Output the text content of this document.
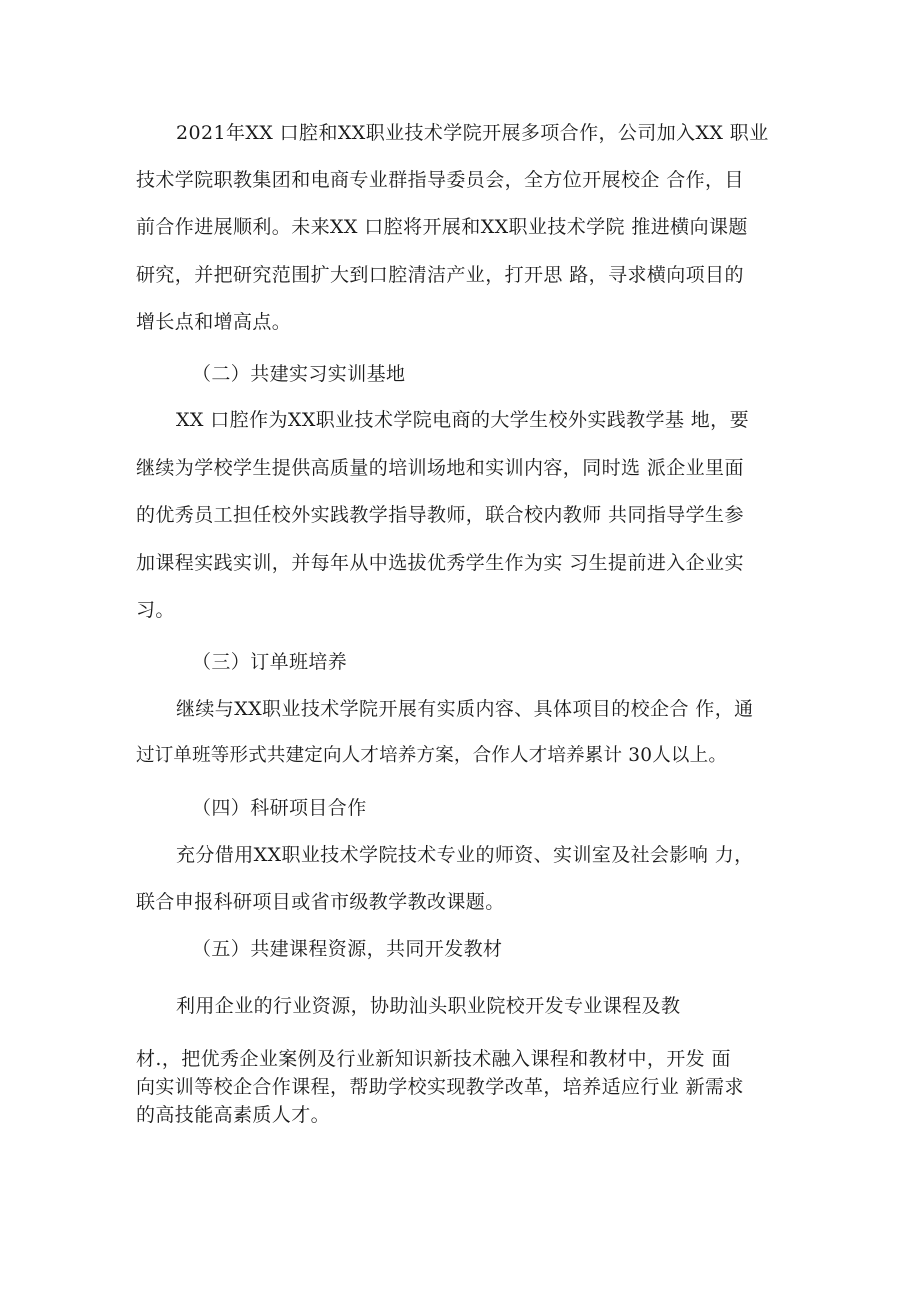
2021年XX 口腔和XX职业技术学院开展多项合作，公司加入XX 职业
技术学院职教集团和电商专业群指导委员会，全方位开展校企 合作，目
前合作进展顺利。未来XX 口腔将开展和XX职业技术学院 推进横向课题
研究，并把研究范围扩大到口腔清洁产业，打开思 路，寻求横向项目的
增长点和增高点。
（二）共建实习实训基地
XX 口腔作为XX职业技术学院电商的大学生校外实践教学基 地，要
继续为学校学生提供高质量的培训场地和实训内容，同时选 派企业里面
的优秀员工担任校外实践教学指导教师，联合校内教师 共同指导学生参
加课程实践实训，并每年从中选拔优秀学生作为实 习生提前进入企业实
习。
（三）订单班培养
继续与XX职业技术学院开展有实质内容、具体项目的校企合 作，通
过订单班等形式共建定向人才培养方案，合作人才培养累计 30人以上。
（四）科研项目合作
充分借用XX职业技术学院技术专业的师资、实训室及社会影响 力，
联合申报科研项目或省市级教学教改课题。
（五）共建课程资源，共同开发教材
利用企业的行业资源，协助汕头职业院校开发专业课程及教
材.，把优秀企业案例及行业新知识新技术融入课程和教材中，开发 面
向实训等校企合作课程，帮助学校实现教学改革，培养适应行业 新需求
的高技能高素质人才。
